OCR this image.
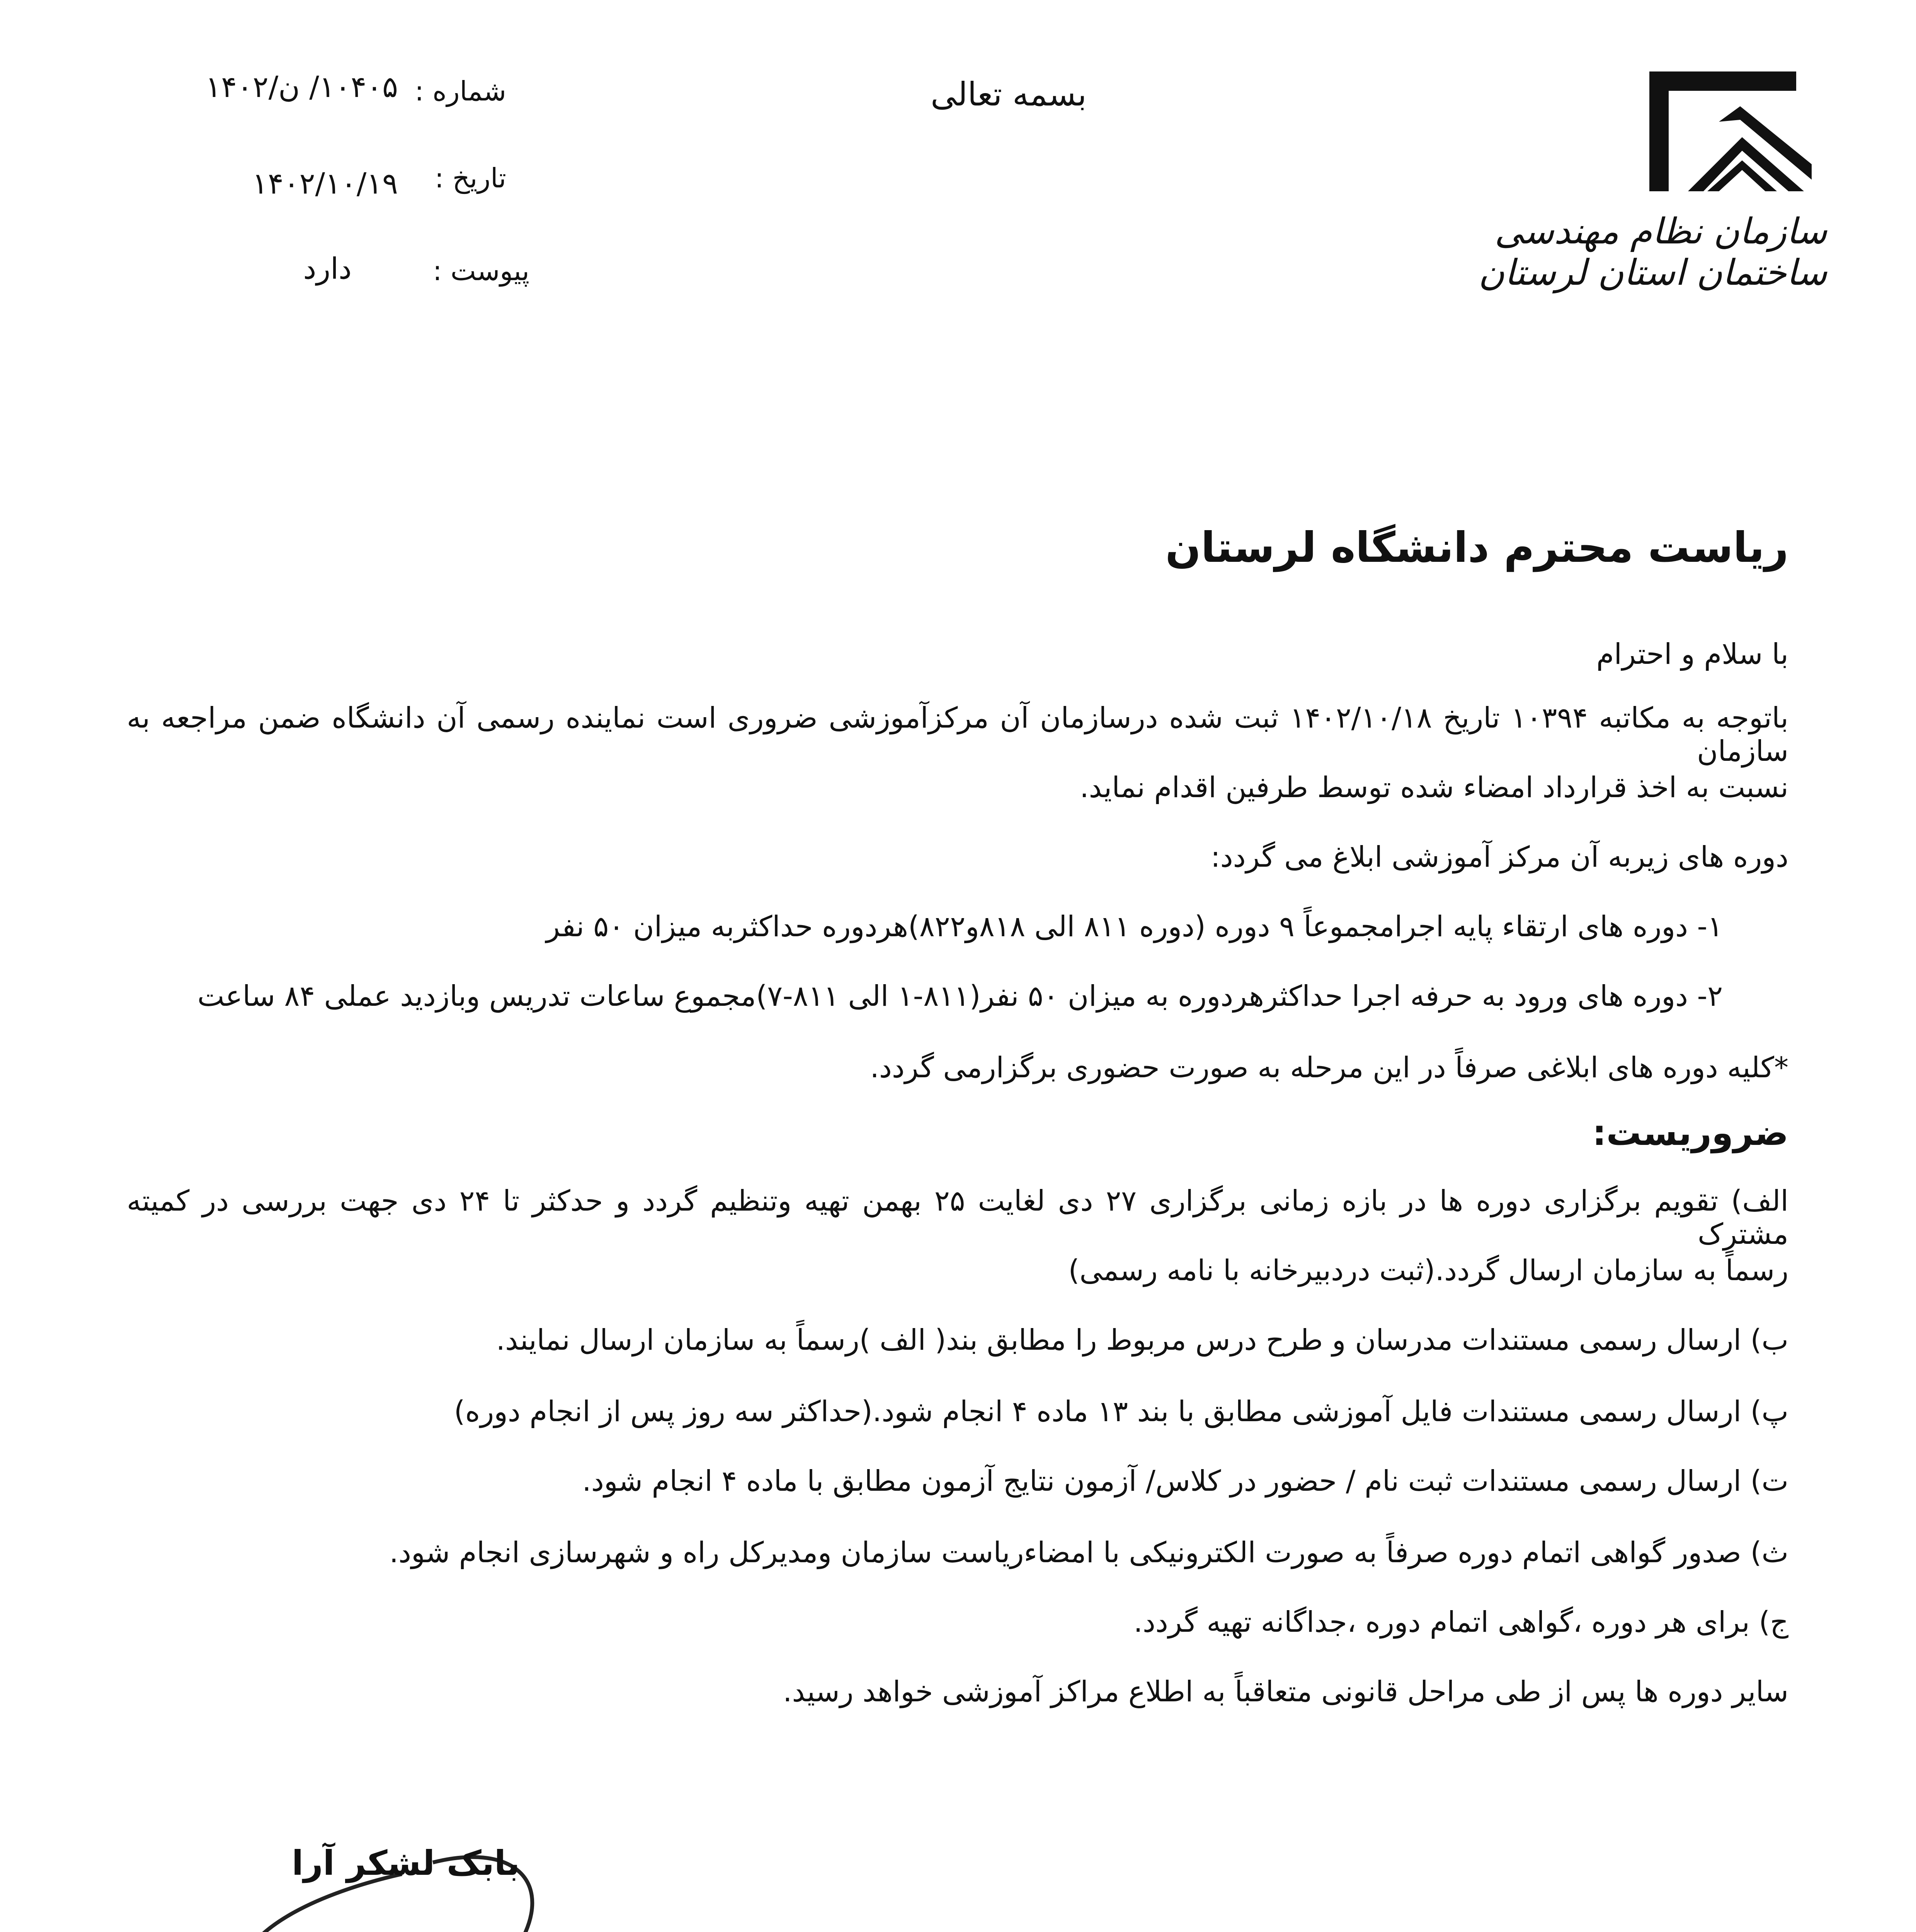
سازمان نظام مهندسی ساختمان استان لرستان
بسمه تعالی
شماره :
۱۰۴۰۵/ ن/۱۴۰۲
تاریخ :
۱۴۰۲/۱۰/۱۹
پیوست :
دارد
ریاست محترم دانشگاه لرستان
با سلام و احترام
باتوجه به مکاتبه ۱۰۳۹۴ تاریخ ۱۴۰۲/۱۰/۱۸ ثبت شده درسازمان آن مرکزآموزشی ضروری است نماینده رسمی آن دانشگاه ضمن مراجعه به سازمان
نسبت به اخذ قرارداد امضاء شده توسط طرفین اقدام نماید.
دوره های زیربه آن مرکز آموزشی ابلاغ می گردد:
۱- دوره های ارتقاء پایه اجرامجموعاً ۹ دوره (دوره ۸۱۱ الی ۸۱۸و۸۲۲)هردوره حداکثربه میزان ۵۰ نفر
۲- دوره های ورود به حرفه اجرا حداکثرهردوره به میزان ۵۰ نفر(۸۱۱-۱ الی ۸۱۱-۷)مجموع ساعات تدریس وبازدید عملی ۸۴ ساعت
*کلیه دوره های ابلاغی صرفاً در این مرحله به صورت حضوری برگزارمی گردد.
ضروریست:
الف) تقویم برگزاری دوره ها در بازه زمانی برگزاری ۲۷ دی لغایت ۲۵ بهمن تهیه وتنظیم گردد و حدکثر تا ۲۴ دی جهت بررسی در کمیته مشترک
رسماً به سازمان ارسال گردد.(ثبت دردبیرخانه با نامه رسمی)
ب) ارسال رسمی مستندات مدرسان و طرح درس مربوط را مطابق بند( الف )رسماً به سازمان ارسال نمایند.
پ) ارسال رسمی مستندات فایل آموزشی مطابق با بند ۱۳ ماده ۴ انجام شود.(حداکثر سه روز پس از انجام دوره)
ت) ارسال رسمی مستندات ثبت نام / حضور در کلاس/ آزمون نتایج آزمون مطابق با ماده ۴ انجام شود.
ث) صدور گواهی اتمام دوره صرفاً به صورت الکترونیکی با امضاءریاست سازمان ومدیرکل راه و شهرسازی انجام شود.
ج) برای هر دوره ،گواهی اتمام دوره ،جداگانه تهیه گردد.
سایر دوره ها پس از طی مراحل قانونی متعاقباً به اطلاع مراکز آموزشی خواهد رسید.
بابک لشکر آرا
